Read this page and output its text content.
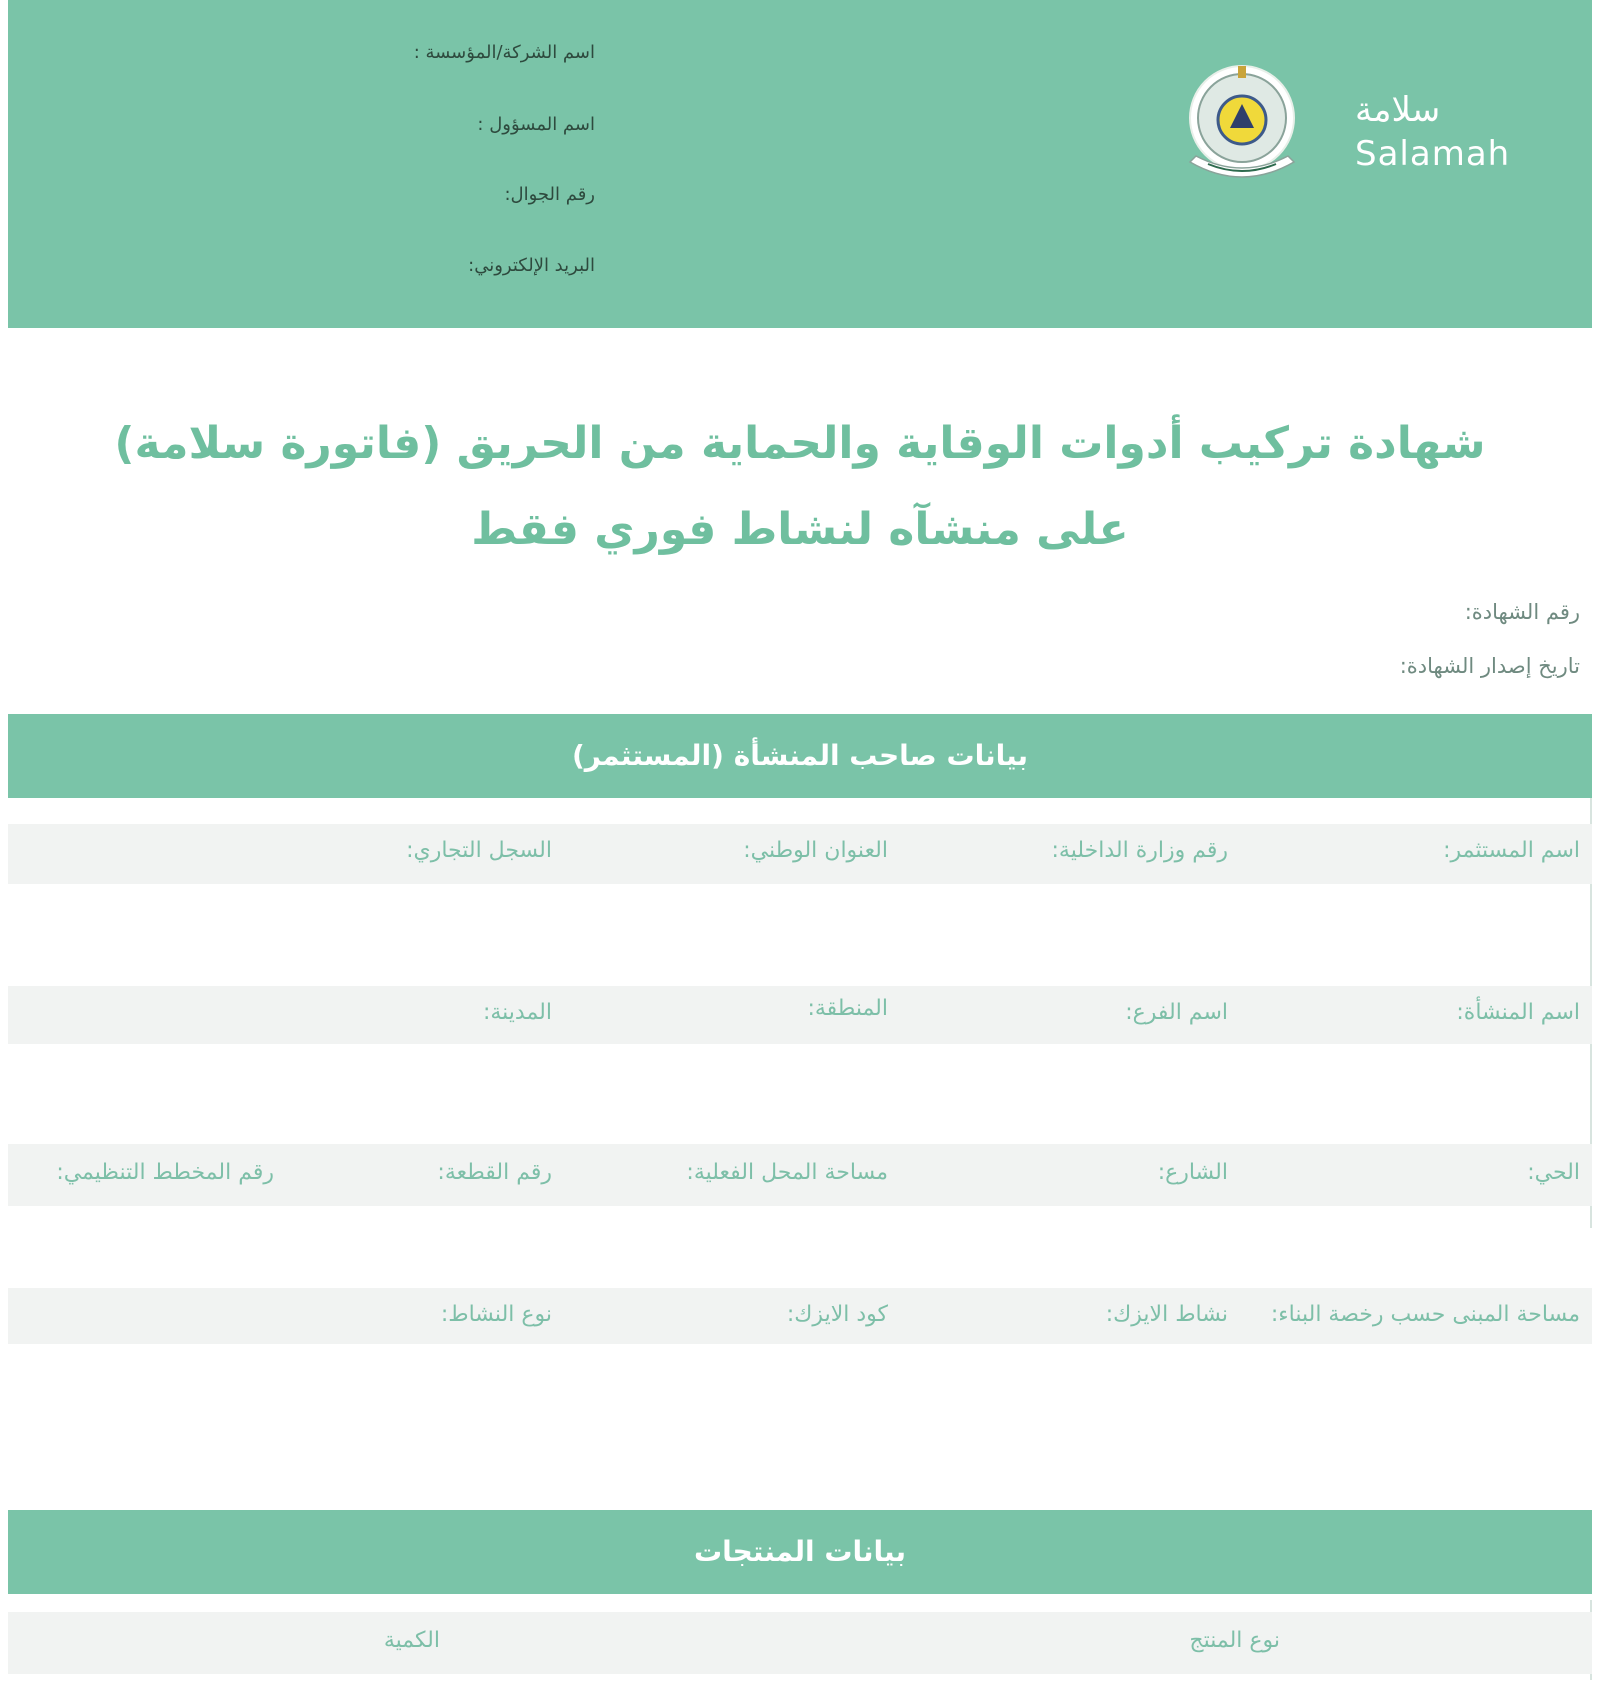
اسم الشركة/المؤسسة :
اسم المسؤول :
رقم الجوال:
البريد الإلكتروني:
سلامة
Salamah
شهادة تركيب أدوات الوقاية والحماية من الحريق (فاتورة سلامة)
على منشآه لنشاط فوري فقط
رقم الشهادة:
تاريخ إصدار الشهادة:
بيانات صاحب المنشأة (المستثمر)
اسم المستثمر:
رقم وزارة الداخلية:
العنوان الوطني:
السجل التجاري:
اسم المنشأة:
اسم الفرع:
المنطقة:
المدينة:
الحي:
الشارع:
مساحة المحل الفعلية:
رقم القطعة:
رقم المخطط التنظيمي:
مساحة المبنى حسب رخصة البناء:
نشاط الايزك:
كود الايزك:
نوع النشاط:
بيانات المنتجات
نوع المنتج
الكمية
